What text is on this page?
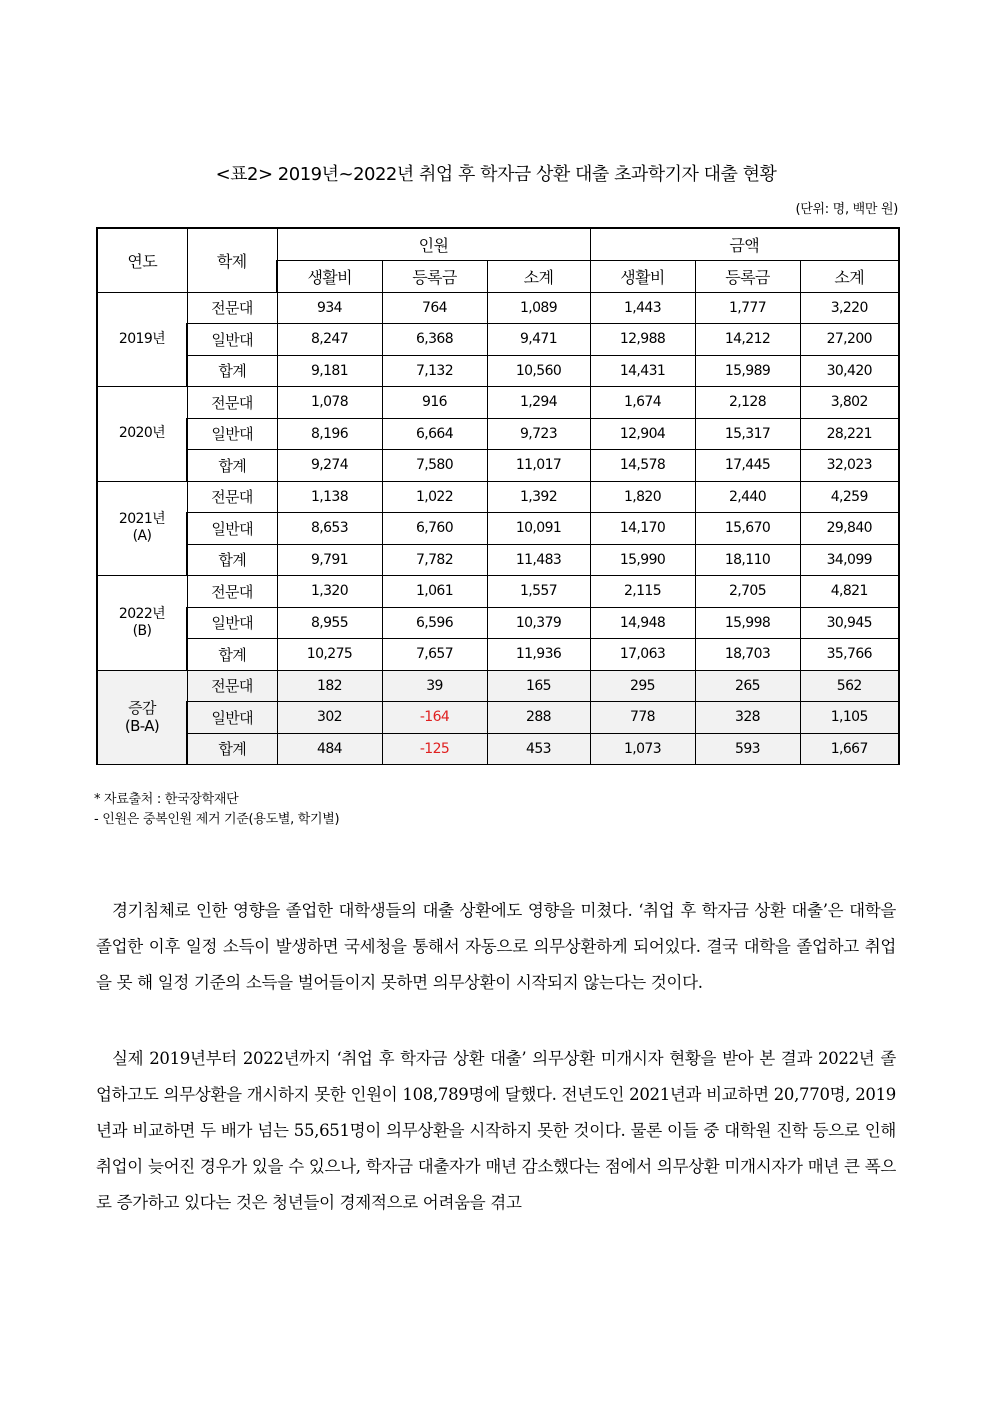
<표2> 2019년~2022년 취업 후 학자금 상환 대출 초과학기자 대출 현황
(단위: 명, 백만 원)
연도	학제	인원			금액		
		생활비	등록금	소계	생활비	등록금	소계
2019년	전문대	934	764	1,089	1,443	1,777	3,220
	일반대	8,247	6,368	9,471	12,988	14,212	27,200
	합계	9,181	7,132	10,560	14,431	15,989	30,420
2020년	전문대	1,078	916	1,294	1,674	2,128	3,802
	일반대	8,196	6,664	9,723	12,904	15,317	28,221
	합계	9,274	7,580	11,017	14,578	17,445	32,023
2021년
(A)	전문대	1,138	1,022	1,392	1,820	2,440	4,259
	일반대	8,653	6,760	10,091	14,170	15,670	29,840
	합계	9,791	7,782	11,483	15,990	18,110	34,099
2022년
(B)	전문대	1,320	1,061	1,557	2,115	2,705	4,821
	일반대	8,955	6,596	10,379	14,948	15,998	30,945
	합계	10,275	7,657	11,936	17,063	18,703	35,766
증감
(B-A)	전문대	182	39	165	295	265	562
	일반대	302	-164	288	778	328	1,105
	합계	484	-125	453	1,073	593	1,667
* 자료출처 : 한국장학재단
- 인원은 중복인원 제거 기준(용도별, 학기별)

경기침체로 인한 영향을 졸업한 대학생들의 대출 상환에도 영향을 미쳤다. ‘취업 후 학자금 상환 대출’은 대학을 졸업한 이후 일정 소득이 발생하면 국세청을 통해서 자동으로 의무상환하게 되어있다. 결국 대학을 졸업하고 취업을 못 해 일정 기준의 소득을 벌어들이지 못하면 의무상환이 시작되지 않는다는 것이다.

실제 2019년부터 2022년까지 ‘취업 후 학자금 상환 대출’ 의무상환 미개시자 현황을 받아 본 결과 2022년 졸업하고도 의무상환을 개시하지 못한 인원이 108,789명에 달했다. 전년도인 2021년과 비교하면 20,770명, 2019년과 비교하면 두 배가 넘는 55,651명이 의무상환을 시작하지 못한 것이다. 물론 이들 중 대학원 진학 등으로 인해 취업이 늦어진 경우가 있을 수 있으나, 학자금 대출자가 매년 감소했다는 점에서 의무상환 미개시자가 매년 큰 폭으로 증가하고 있다는 것은 청년들이 경제적으로 어려움을 겪고
